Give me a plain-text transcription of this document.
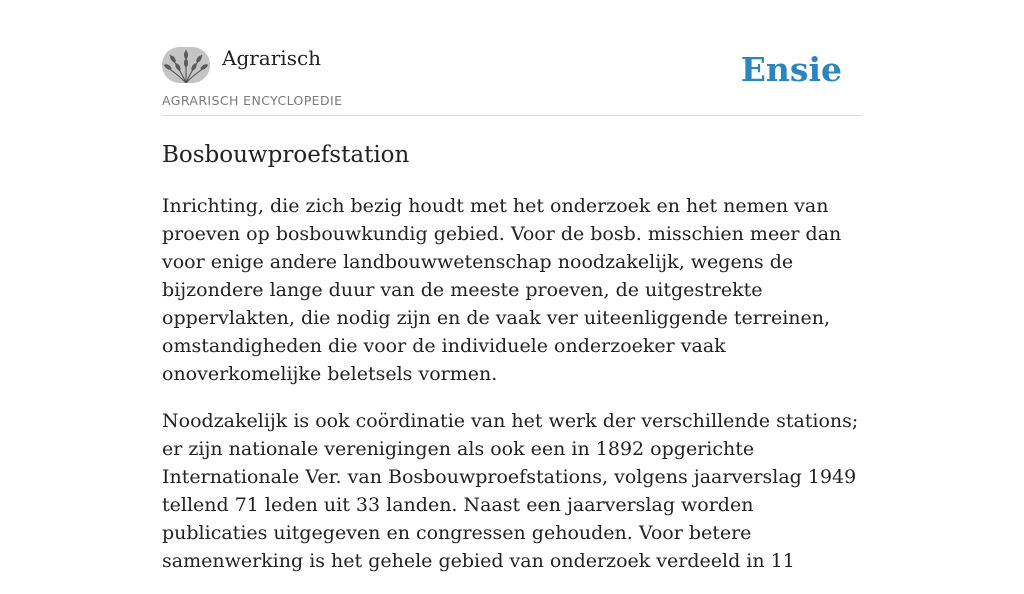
Agrarisch
AGRARISCH ENCYCLOPEDIE
Ensie
Bosbouwproefstation

Inrichting, die zich bezig houdt met het onderzoek en het nemen van proeven op bosbouwkundig gebied. Voor de bosb. misschien meer dan voor enige andere landbouwwetenschap noodzakelijk, wegens de bijzondere lange duur van de meeste proeven, de uitgestrekte oppervlakten, die nodig zijn en de vaak ver uiteenliggende terreinen, omstandigheden die voor de individuele onderzoeker vaak onoverkomelijke beletsels vormen.

Noodzakelijk is ook coördinatie van het werk der verschillende stations; er zijn nationale verenigingen als ook een in 1892 opgerichte Internationale Ver. van Bosbouwproefstations, volgens jaarverslag 1949 tellend 71 leden uit 33 landen. Naast een jaarverslag worden publicaties uitgegeven en congressen gehouden. Voor betere samenwerking is het gehele gebied van onderzoek verdeeld in 11
